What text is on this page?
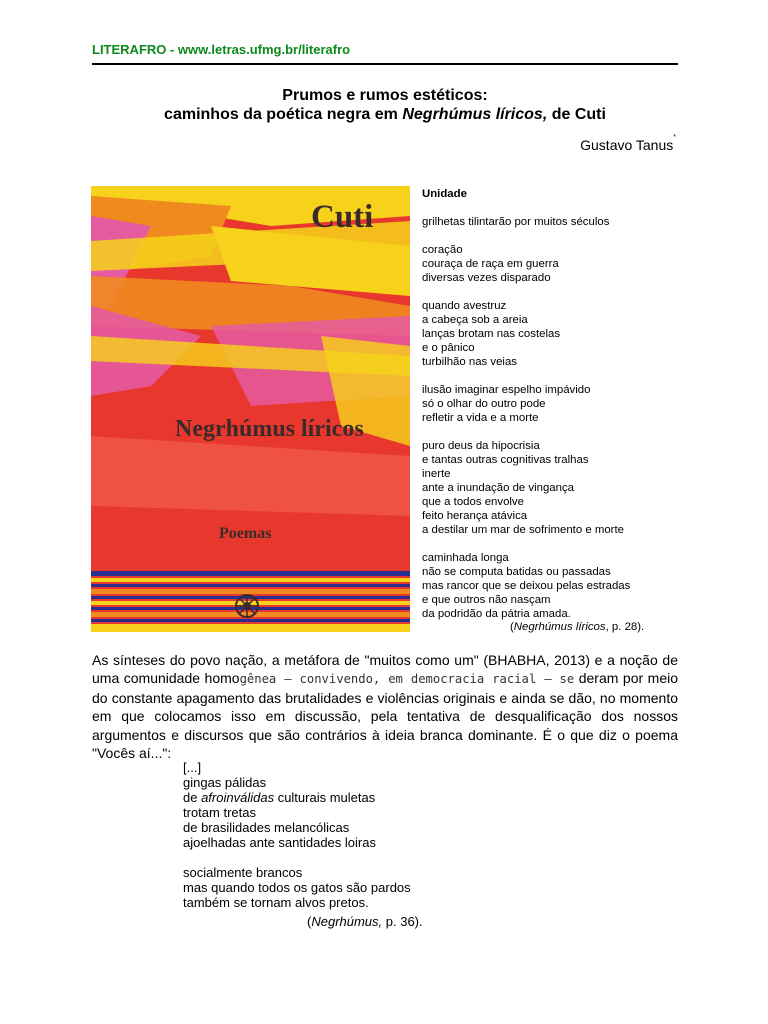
LITERAFRO - www.letras.ufmg.br/literafro
Prumos e rumos estéticos:
caminhos da poética negra em Negrhúmus líricos, de Cuti
Gustavo Tanus*
Cuti
Negrhúmus líricos
Poemas
Unidade
grilhetas tilintarão por muitos séculos
coração
couraça de raça em guerra
diversas vezes disparado
quando avestruz
a cabeça sob a areia
lanças brotam nas costelas
e o pânico
turbilhão nas veias
ilusão imaginar espelho impávido
só o olhar do outro pode
refletir a vida e a morte
puro deus da hipocrisia
e tantas outras cognitivas tralhas
inerte
ante a inundação de vingança
que a todos envolve
feito herança atávica
a destilar um mar de sofrimento e morte
caminhada longa
não se computa batidas ou passadas
mas rancor que se deixou pelas estradas
e que outros não nasçam
da podridão da pátria amada.
(Negrhúmus líricos, p. 28).
As sínteses do povo nação, a metáfora de "muitos como um" (BHABHA, 2013) e a noção de uma comunidade homogênea – convivendo, em democracia racial – se deram por meio do constante apagamento das brutalidades e violências originais e ainda se dão, no momento em que colocamos isso em discussão, pela tentativa de desqualificação dos nossos argumentos e discursos que são contrários à ideia branca dominante. É o que diz o poema "Vocês aí...":
[...]
gingas pálidas
de afroinválidas culturais muletas
trotam tretas
de brasilidades melancólicas
ajoelhadas ante santidades loiras

socialmente brancos
mas quando todos os gatos são pardos
também se tornam alvos pretos.
(Negrhúmus, p. 36).
